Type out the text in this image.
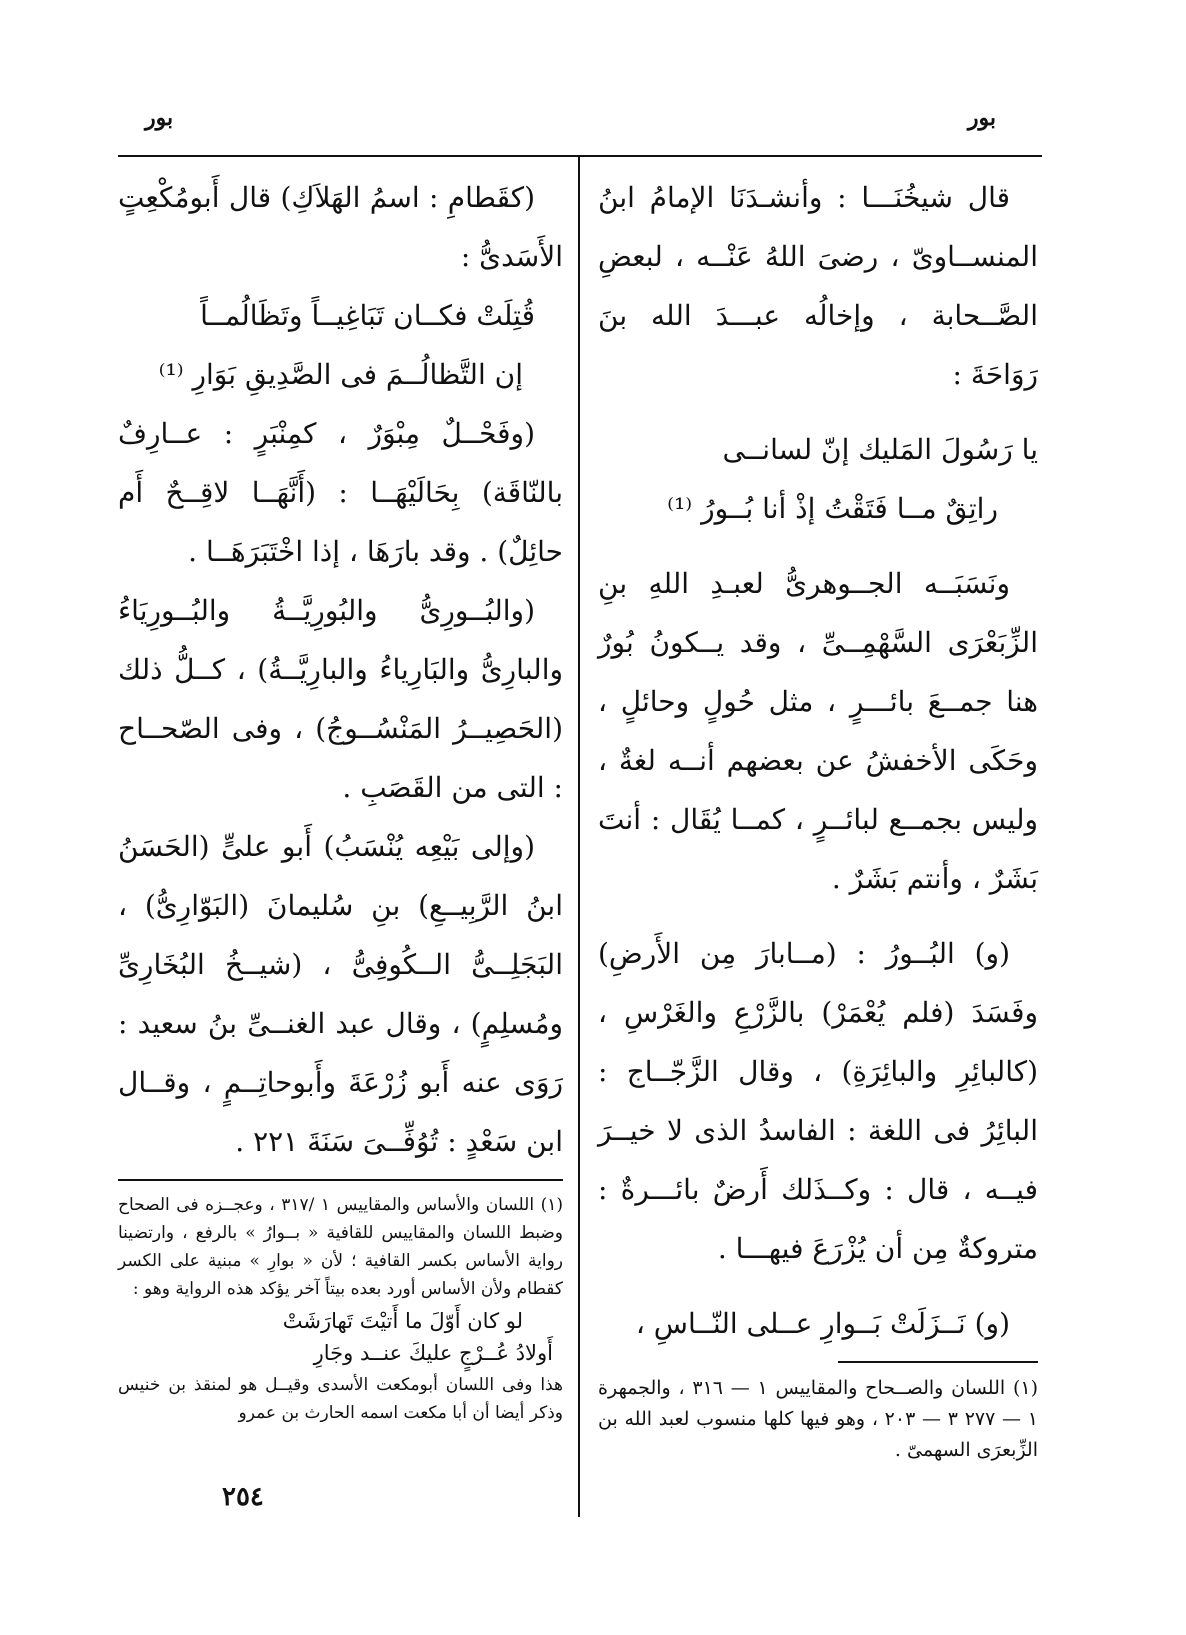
بور
بور

قال شيخُنَـــا : وأنشـدَنَا الإمامُ ابنُ المنســاوىّ ، رضىَ اللهُ عَنْــه ، لبعضِ الصَّــحابة ، وإخالُه عبـــدَ الله بنَ رَوَاحَةَ :

يا رَسُولَ المَليك إنّ لسانــى
راتِقٌ مــا فَتَقْتُ إذْ أنا بُــورُ ⁽¹⁾

ونَسَبَــه الجــوهرىُّ لعبـدِ اللهِ بنِ الزِّبَعْرَى السَّهْمِــىِّ ، وقد يــكونُ بُورٌ هنا جمــعَ بائـــرٍ ، مثل حُولٍ وحائلٍ ، وحَكَى الأخفشُ عن بعضهم أنــه لغةٌ ، وليس بجمــع لبائــرٍ ، كمــا يُقَال : أنتَ بَشَرٌ ، وأنتم بَشَرٌ .

(و) البُــورُ : (مــابارَ مِن الأَرضِ) وفَسَدَ (فلم يُعْمَرْ) بالزَّرْعِ والغَرْسِ ، (كالبائِرِ والبائِرَةِ) ، وقال الزَّجّــاج : البائِرُ فى اللغة : الفاسدُ الذى لا خيــرَ فيــه ، قال : وكــذَلك أَرضٌ بائـــرةٌ : متروكةٌ مِن أن يُزْرَعَ فيهـــا .

(و) نَــزَلَتْ بَــوارِ عــلى النّــاسِ ،

(١) اللسان والصــحاح والمقاييس ١ — ٣١٦ ، والجمهرة ١ — ٢٧٧ ٣ — ٢٠٣ ، وهو فيها كلها منسوب لعبد الله بن الزِّبعرَى السهمىّ .

(كقَطامِ : اسمُ الهَلاَكِ) قال أَبومُكْعِتٍ الأَسَدىُّ :

قُتِلَتْ فكــان تَبَاغِيــاً وتَظَالُمــاً
إن التَّظالُــمَ فى الصَّدِيقِ بَوَارِ ⁽¹⁾

(وفَحْــلٌ مِبْوَرٌ ، كمِنْبَرٍ : عــارِفٌ بالنّاقَة) بِحَالَيْهَــا : (أَنَّهَــا لاقِــحٌ أَم حائِلٌ) . وقد بارَهَا ، إذا اخْتَبَرَهَــا .

(والبُــورِىُّ والبُورِيَّــةُ والبُــورِيَاءُ والبارِىُّ والبَارِياءُ والبارِيَّــةُ) ، كــلُّ ذلك (الحَصِيــرُ المَنْسُــوجُ) ، وفى الصّحــاح : التى من القَصَبِ .

(وإلى بَيْعِه يُنْسَبُ) أَبو علىٍّ (الحَسَنُ ابنُ الرَّبِيــعِ) بنِ سُليمانَ (البَوّارِىُّ) ، البَجَلِــىُّ الــكُوفِىُّ ، (شيــخُ البُخَارِىِّ ومُسلِمٍ) ، وقال عبد الغنــىِّ بنُ سعيد : رَوَى عنه أَبو زُرْعَةَ وأَبوحاتِــمٍ ، وقــال ابن سَعْدٍ : تُوُفِّــىَ سَنَةَ ٢٢١ .

(١) اللسان والأساس والمقاييس ١ /٣١٧ ، وعجــزه فى الصحاح وضبط اللسان والمقاييس للقافية « بــوارُ » بالرفع ، وارتضينا رواية الأساس بكسر القافية ؛ لأن « بوارِ » مبنية على الكسر كقطام ولأن الأساس أورد بعده بيتاً آخر يؤكد هذه الرواية وهو :

لو كان أَوّلَ ما أَتيْتَ تَهارَشَتْ
أَولادُ عُــرْجٍ عليكَ عنــد وجَارِ

هذا وفى اللسان أبومكعت الأسدى وقيــل هو لمنقذ بن خنيس وذكر أيضا أن أبا مكعت اسمه الحارث بن عمرو

٢٥٤
